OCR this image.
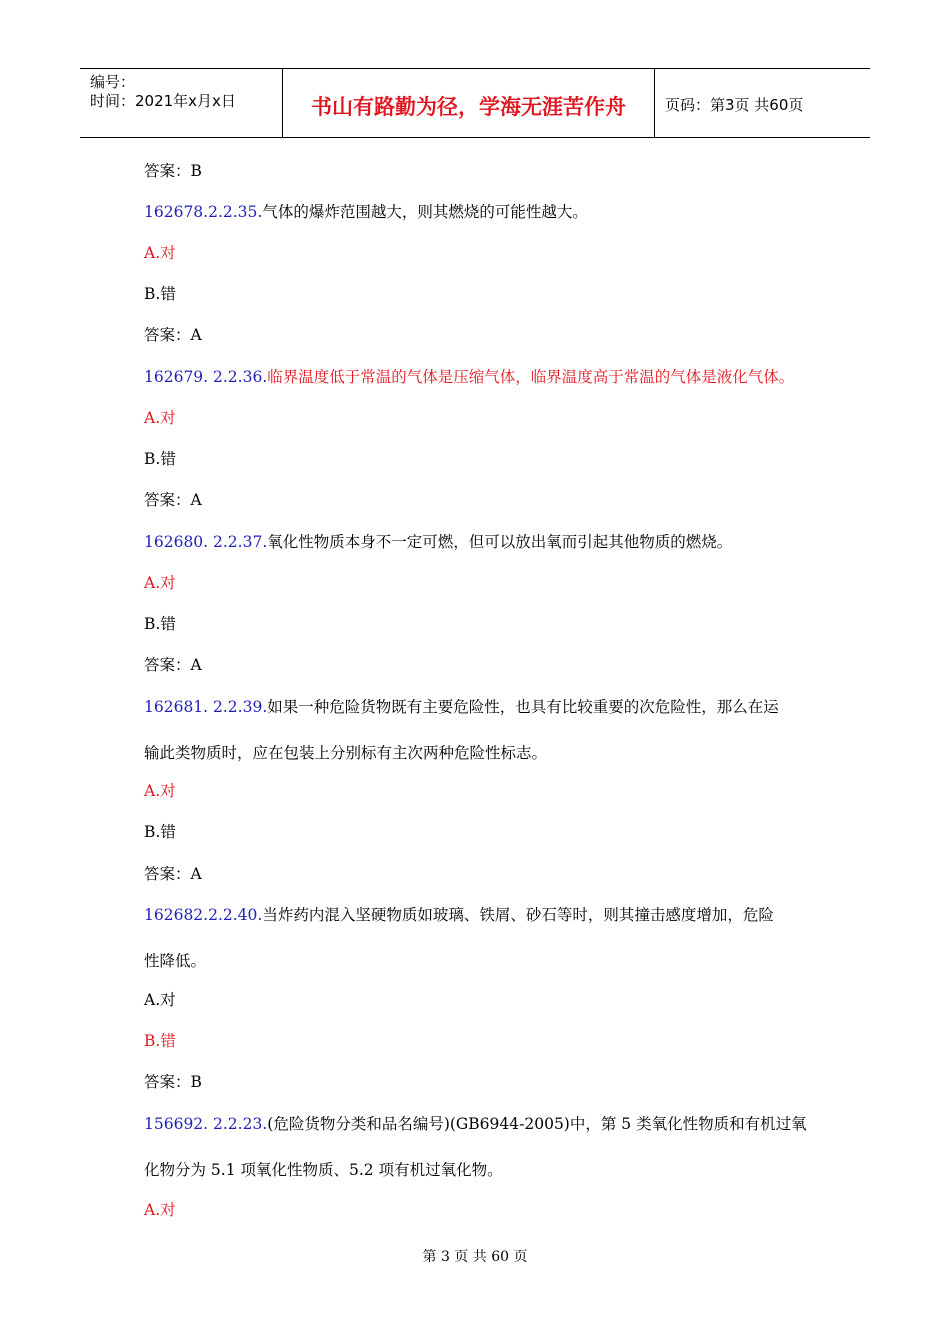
编号：
时间：2021年x月x日	书山有路勤为径，学海无涯苦作舟	页码：第3页 共60页
答案：B
162678.2.2.35.气体的爆炸范围越大，则其燃烧的可能性越大。
A.对
B.错
答案：A
162679. 2.2.36.临界温度低于常温的气体是压缩气体，临界温度高于常温的气体是液化气体。
A.对
B.错
答案：A
162680. 2.2.37.氧化性物质本身不一定可燃，但可以放出氧而引起其他物质的燃烧。
A.对
B.错
答案：A
162681. 2.2.39.如果一种危险货物既有主要危险性，也具有比较重要的次危险性，那么在运
输此类物质时，应在包装上分别标有主次两种危险性标志。
A.对
B.错
答案：A
162682.2.2.40.当炸药内混入坚硬物质如玻璃、铁屑、砂石等时，则其撞击感度增加，危险
性降低。
A.对
B.错
答案：B
156692. 2.2.23.(危险货物分类和品名编号)(GB6944-2005)中，第 5 类氧化性物质和有机过氧
化物分为 5.1 项氧化性物质、5.2 项有机过氧化物。
A.对
第 3 页 共 60 页
